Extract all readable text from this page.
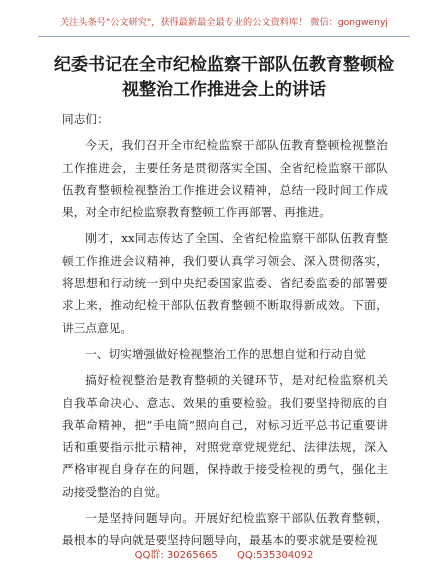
关注头条号"公文研究"，获得最新最全最专业的公文资料库！ 微信：gongwenyj
纪委书记在全市纪检监察干部队伍教育整顿检
视整治工作推进会上的讲话

同志们：

今天，我们召开全市纪检监察干部队伍教育整顿检视整治工作推进会，主要任务是贯彻落实全国、全省纪检监察干部队伍教育整顿检视整治工作推进会议精神，总结一段时间工作成果，对全市纪检监察教育整顿工作再部署、再推进。

刚才，xx同志传达了全国、全省纪检监察干部队伍教育整顿工作推进会议精神，我们要认真学习领会、深入贯彻落实，将思想和行动统一到中央纪委国家监委、省纪委监委的部署要求上来，推动纪检干部队伍教育整顿不断取得新成效。下面，讲三点意见。

一、切实增强做好检视整治工作的思想自觉和行动自觉

搞好检视整治是教育整顿的关键环节，是对纪检监察机关自我革命决心、意志、效果的重要检验。我们要坚持彻底的自我革命精神，把“手电筒”照向自己，对标习近平总书记重要讲话和重要指示批示精神，对照党章党规党纪、法律法规，深入严格审视自身存在的问题，保持敢于接受检视的勇气，强化主动接受整治的自觉。

一是坚持问题导向。开展好纪检监察干部队伍教育整顿，最根本的导向就是要坚持问题导向，最基本的要求就是要检视

QQ群: 30265665 QQ:535304092
